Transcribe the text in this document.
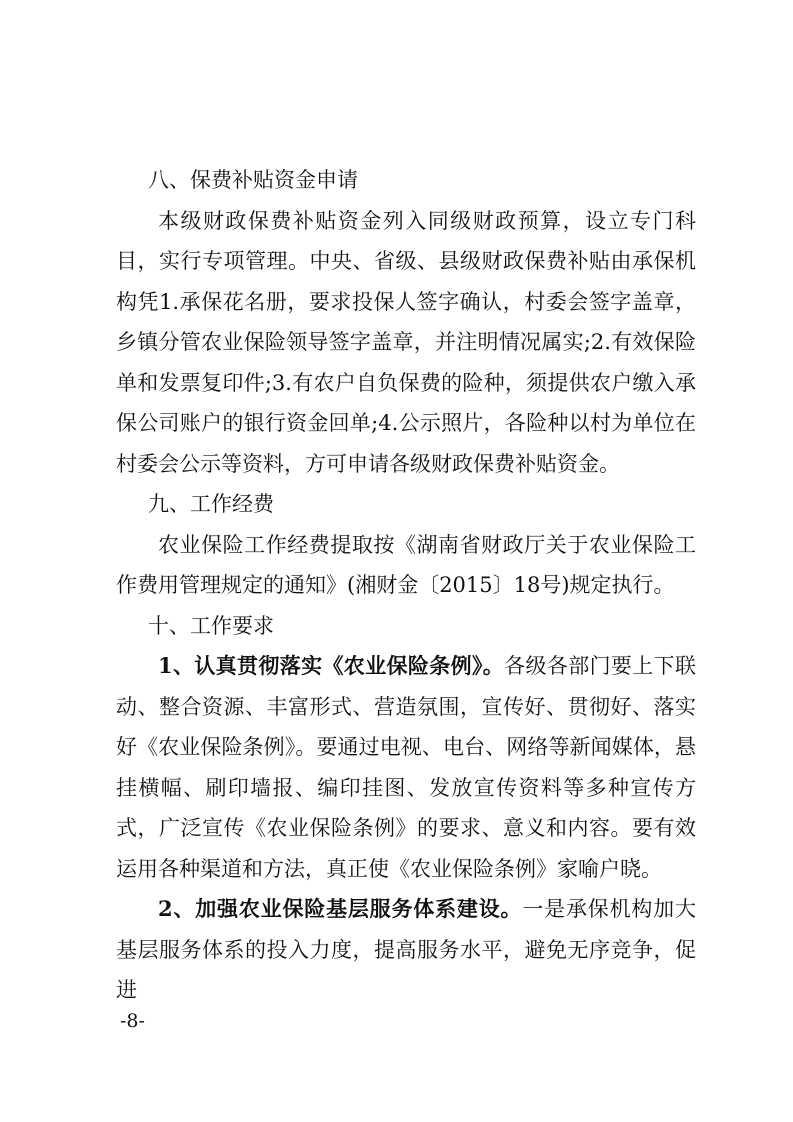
八、保费补贴资金申请

本级财政保费补贴资金列入同级财政预算，设立专门科目，实行专项管理。中央、省级、县级财政保费补贴由承保机构凭1.承保花名册，要求投保人签字确认，村委会签字盖章，乡镇分管农业保险领导签字盖章，并注明情况属实;2.有效保险单和发票复印件;3.有农户自负保费的险种，须提供农户缴入承保公司账户的银行资金回单;4.公示照片，各险种以村为单位在村委会公示等资料，方可申请各级财政保费补贴资金。

九、工作经费

农业保险工作经费提取按《湖南省财政厅关于农业保险工作费用管理规定的通知》(湘财金〔2015〕18号)规定执行。

十、工作要求

1、认真贯彻落实《农业保险条例》。各级各部门要上下联动、整合资源、丰富形式、营造氛围，宣传好、贯彻好、落实好《农业保险条例》。要通过电视、电台、网络等新闻媒体，悬挂横幅、刷印墙报、编印挂图、发放宣传资料等多种宣传方式，广泛宣传《农业保险条例》的要求、意义和内容。要有效运用各种渠道和方法，真正使《农业保险条例》家喻户晓。

2、加强农业保险基层服务体系建设。一是承保机构加大基层服务体系的投入力度，提高服务水平，避免无序竞争，促进

-8-
